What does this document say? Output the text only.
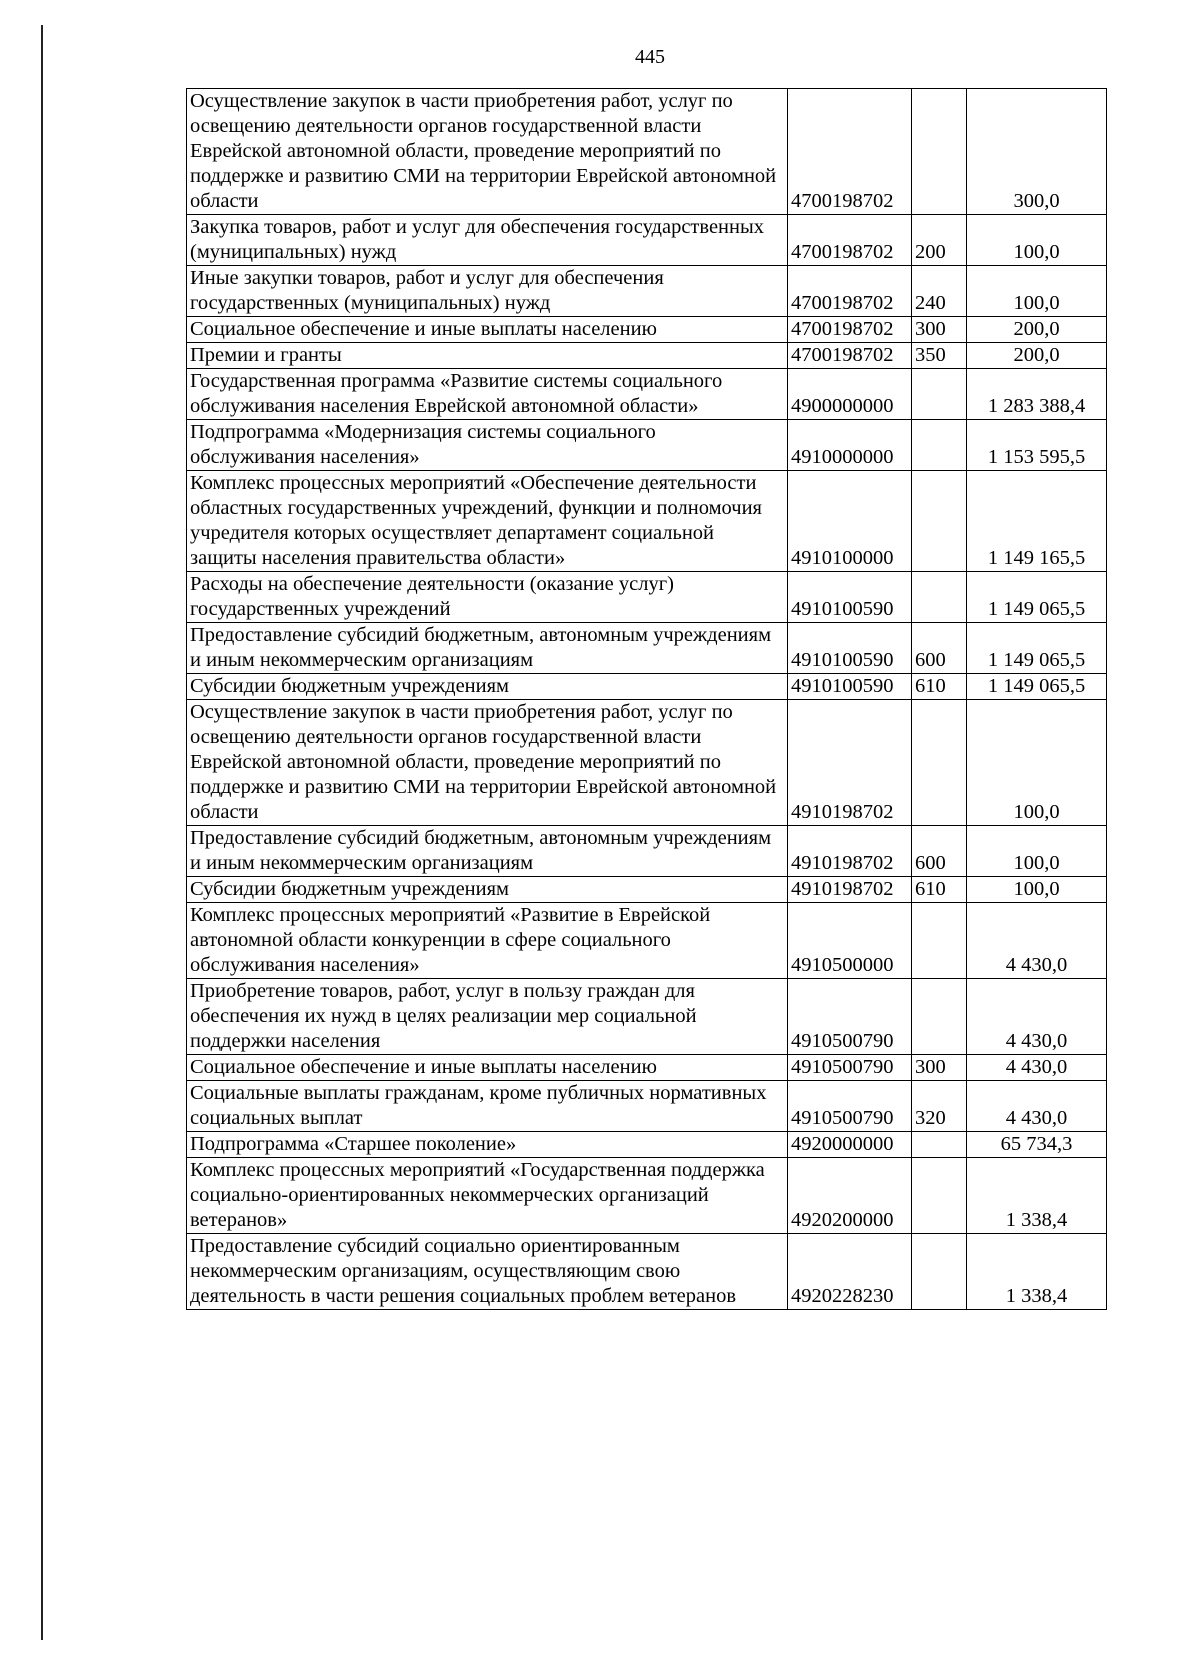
445
Осуществление закупок в части приобретения работ, услуг по освещению деятельности органов государственной власти Еврейской автономной области, проведение мероприятий по поддержке и развитию СМИ на территории Еврейской автономной области	4700198702		300,0
Закупка товаров, работ и услуг для обеспечения государственных (муниципальных) нужд	4700198702	200	100,0
Иные закупки товаров, работ и услуг для обеспечения государственных (муниципальных) нужд	4700198702	240	100,0
Социальное обеспечение и иные выплаты населению	4700198702	300	200,0
Премии и гранты	4700198702	350	200,0
Государственная программа «Развитие системы социального обслуживания населения Еврейской автономной области»	4900000000		1 283 388,4
Подпрограмма «Модернизация системы социального обслуживания населения»	4910000000		1 153 595,5
Комплекс процессных мероприятий «Обеспечение деятельности областных государственных учреждений, функции и полномочия учредителя которых осуществляет департамент социальной защиты населения правительства области»	4910100000		1 149 165,5
Расходы на обеспечение деятельности (оказание услуг) государственных учреждений	4910100590		1 149 065,5
Предоставление субсидий бюджетным, автономным учреждениям и иным некоммерческим организациям	4910100590	600	1 149 065,5
Субсидии бюджетным учреждениям	4910100590	610	1 149 065,5
Осуществление закупок в части приобретения работ, услуг по освещению деятельности органов государственной власти Еврейской автономной области, проведение мероприятий по поддержке и развитию СМИ на территории Еврейской автономной области	4910198702		100,0
Предоставление субсидий бюджетным, автономным учреждениям и иным некоммерческим организациям	4910198702	600	100,0
Субсидии бюджетным учреждениям	4910198702	610	100,0
Комплекс процессных мероприятий «Развитие в Еврейской автономной области конкуренции в сфере социального обслуживания населения»	4910500000		4 430,0
Приобретение товаров, работ, услуг в пользу граждан для обеспечения их нужд в целях реализации мер социальной поддержки населения	4910500790		4 430,0
Социальное обеспечение и иные выплаты населению	4910500790	300	4 430,0
Социальные выплаты гражданам, кроме публичных нормативных социальных выплат	4910500790	320	4 430,0
Подпрограмма «Старшее поколение»	4920000000		65 734,3
Комплекс процессных мероприятий «Государственная поддержка социально-ориентированных некоммерческих организаций ветеранов»	4920200000		1 338,4
Предоставление субсидий социально ориентированным некоммерческим организациям, осуществляющим свою деятельность в части решения социальных проблем ветеранов	4920228230		1 338,4
